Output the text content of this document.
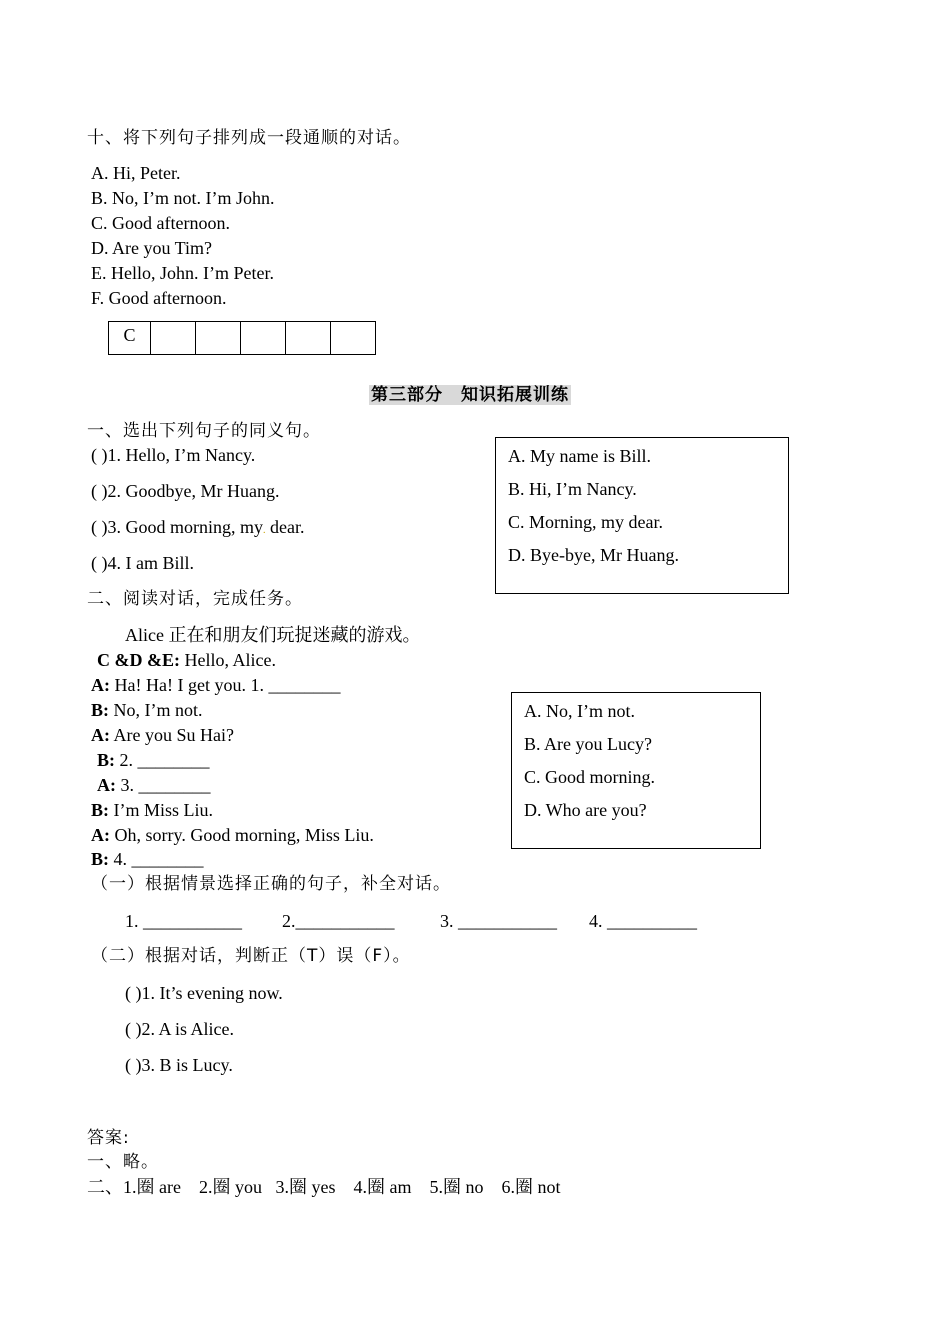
十、将下列句子排列成一段通顺的对话。
A. Hi, Peter.
B. No, I’m not. I’m John.
C. Good afternoon.
D. Are you Tim?
E. Hello, John. I’m Peter.
F. Good afternoon.
C					
第三部分　知识拓展训练
一、选出下列句子的同义句。
( )1. Hello, I’m Nancy.
( )2. Goodbye, Mr Huang.
( )3. Good morning, my. dear.
( )4. I am Bill.
A. My name is Bill.
B. Hi, I’m Nancy.
C. Morning, my dear.
D. Bye-bye, Mr Huang.
二、阅读对话，完成任务。
Alice 正在和朋友们玩捉迷藏的游戏。
C &D &E: Hello, Alice.
A: Ha! Ha! I get you. 1. ________
B: No, I’m not.
A: Are you Su Hai?
B: 2. ________
A: 3. ________
B: I’m Miss Liu.
A: Oh, sorry. Good morning, Miss Liu.
B: 4. ________
A. No, I’m not.
B. Are you Lucy?
C. Good morning.
D. Who are you?
（一）根据情景选择正确的句子，补全对话。
1. ___________ 2.___________	3. ___________ 4. __________
（二）根据对话，判断正（T）误（F）。
( )1. It’s evening now.
( )2. A is Alice.
( )3. B is Lucy.
答案:
一、略。
二、1.圈 are    2.圈 you   3.圈 yes    4.圈 am    5.圈 no    6.圈 not
